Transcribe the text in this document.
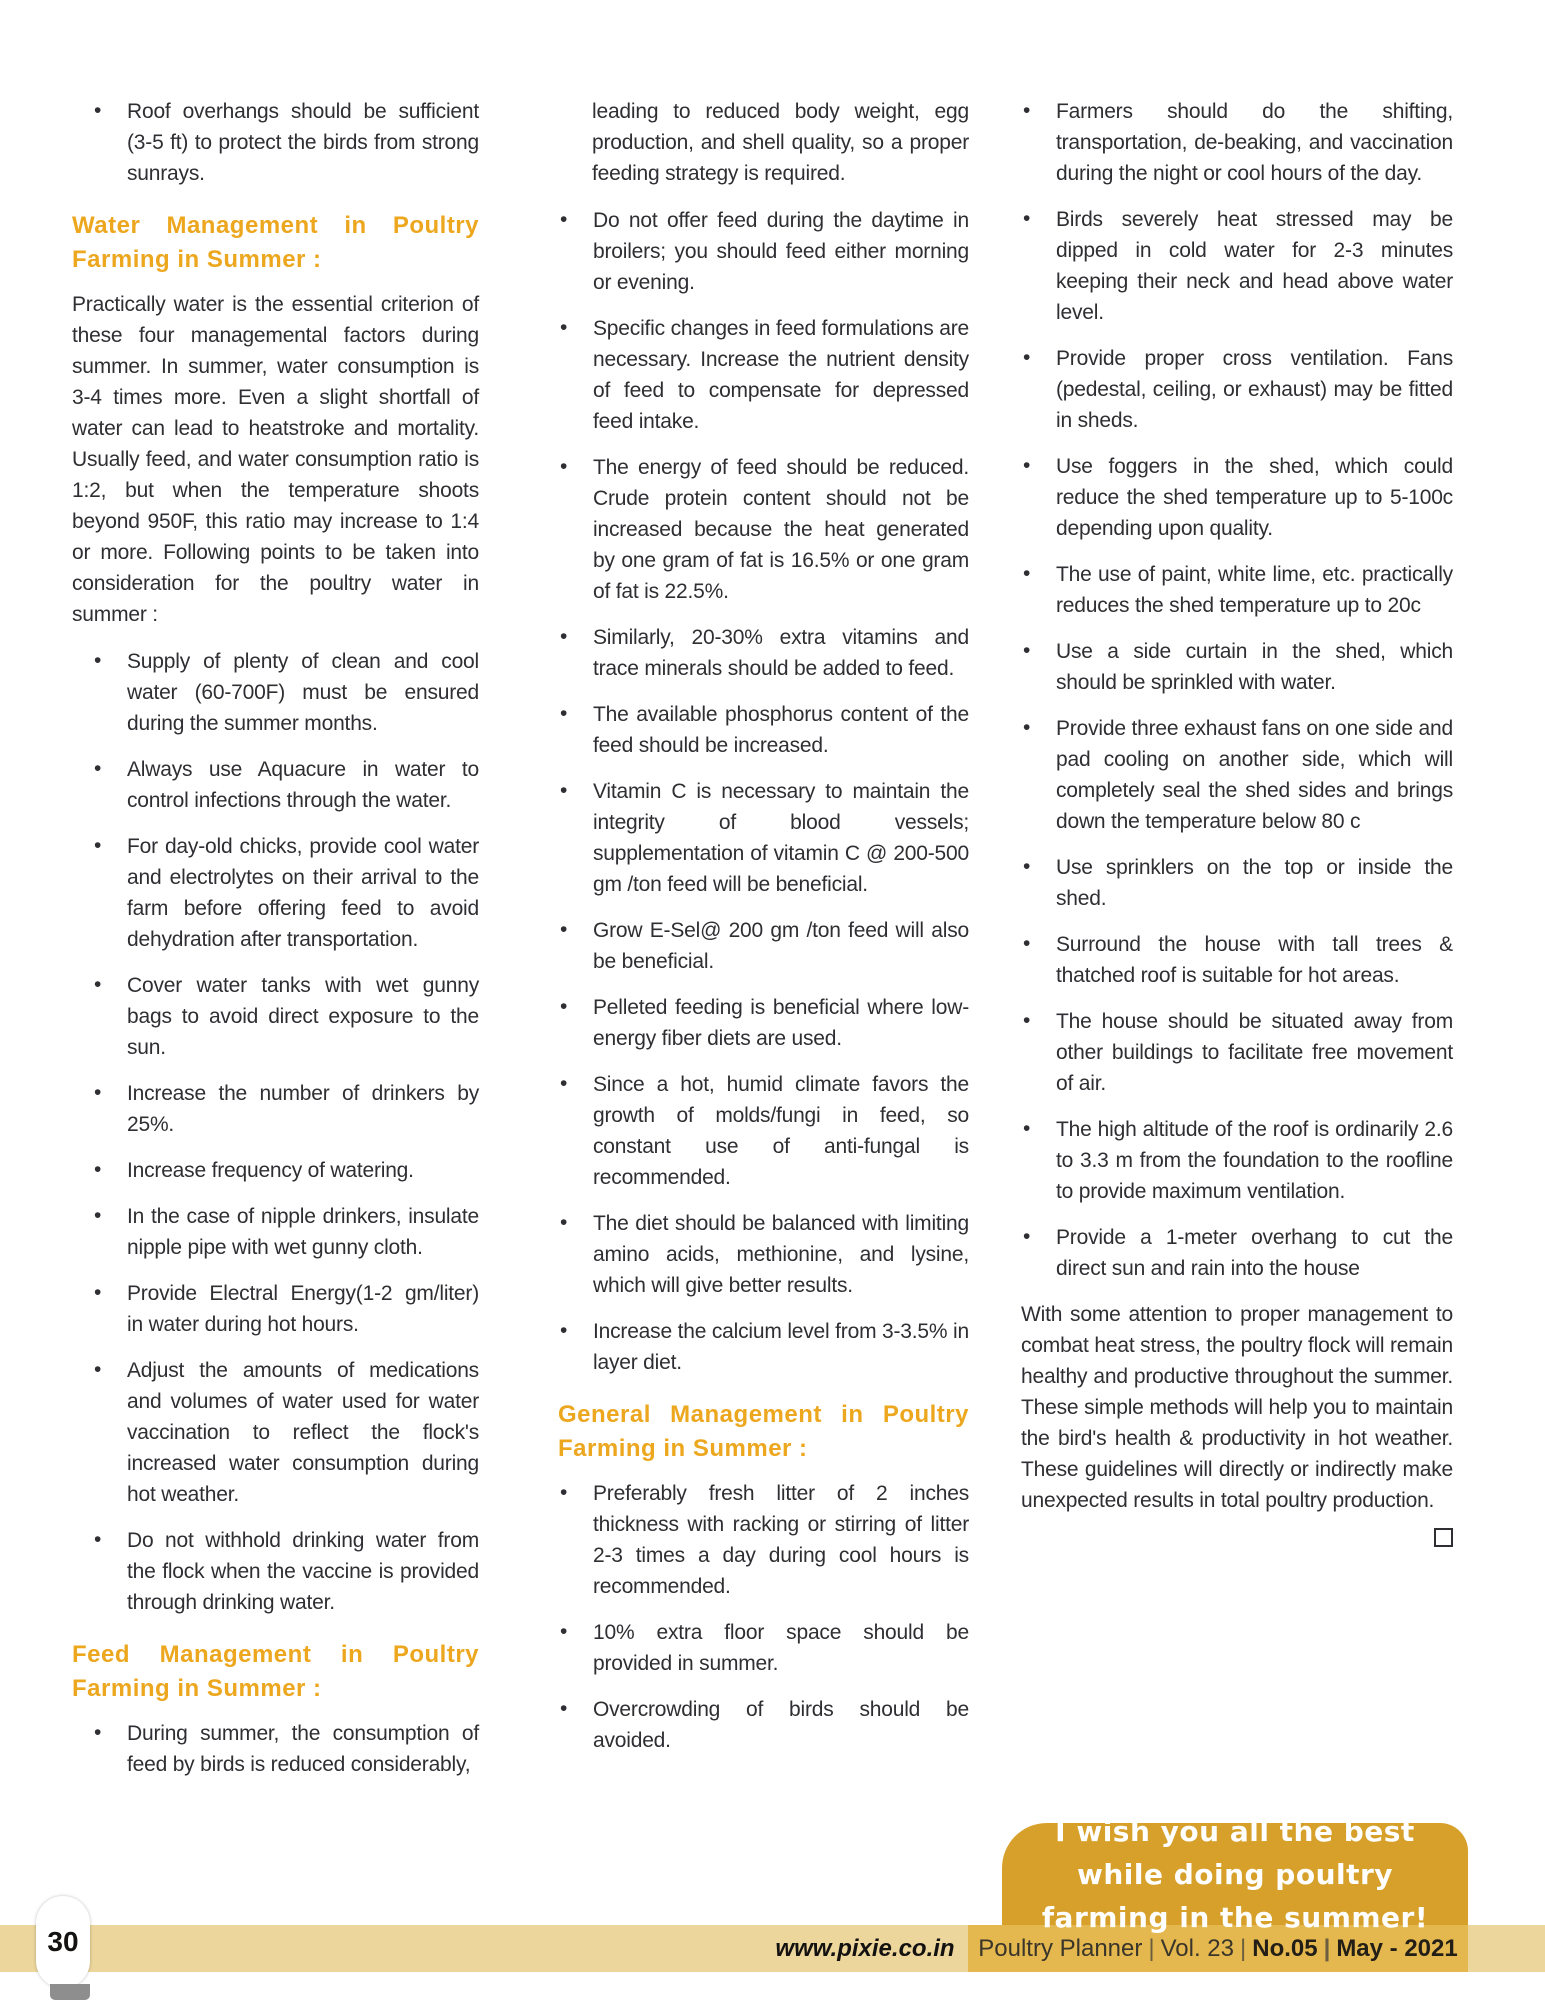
•
Roof overhangs should be sufficient (3-5 ft) to protect the birds from strong sunrays.
Water Management in Poultry Farming in Summer :

Practically water is the essential criterion of these four managemental factors during summer. In summer, water consumption is 3-4 times more. Even a slight shortfall of water can lead to heatstroke and mortality. Usually feed, and water consumption ratio is 1:2, but when the temperature shoots beyond 950F, this ratio may increase to 1:4 or more. Following points to be taken into consideration for the poultry water in summer :

•
Supply of plenty of clean and cool water (60-700F) must be ensured during the summer months.
•
Always use Aquacure in water to control infections through the water.
•
For day-old chicks, provide cool water and electrolytes on their arrival to the farm before offering feed to avoid dehydration after transportation.
•
Cover water tanks with wet gunny bags to avoid direct exposure to the sun.
•
Increase the number of drinkers by 25%.
•
Increase frequency of watering.
•
In the case of nipple drinkers, insulate nipple pipe with wet gunny cloth.
•
Provide Electral Energy(1-2 gm/liter) in water during hot hours.
•
Adjust the amounts of medications and volumes of water used for water vaccination to reflect the flock's increased water consumption during hot weather.
•
Do not withhold drinking water from the flock when the vaccine is provided through drinking water.
Feed Management in Poultry Farming in Summer :
•
During summer, the consumption of feed by birds is reduced considerably,

leading to reduced body weight, egg production, and shell quality, so a proper feeding strategy is required.

•
Do not offer feed during the daytime in broilers; you should feed either morning or evening.
•
Specific changes in feed formulations are necessary. Increase the nutrient density of feed to compensate for depressed feed intake.
•
The energy of feed should be reduced. Crude protein content should not be increased because the heat generated by one gram of fat is 16.5% or one gram of fat is 22.5%.
•
Similarly, 20-30% extra vitamins and trace minerals should be added to feed.
•
The available phosphorus content of the feed should be increased.
•
Vitamin C is necessary to maintain the integrity of blood vessels; supplementation of vitamin C @ 200-500 gm /ton feed will be beneficial.
•
Grow E-Sel@ 200 gm /ton feed will also be beneficial.
•
Pelleted feeding is beneficial where low-energy fiber diets are used.
•
Since a hot, humid climate favors the growth of molds/fungi in feed, so constant use of anti-fungal is recommended.
•
The diet should be balanced with limiting amino acids, methionine, and lysine, which will give better results.
•
Increase the calcium level from 3-3.5% in layer diet.
General Management in Poultry Farming in Summer :
•
Preferably fresh litter of 2 inches thickness with racking or stirring of litter 2-3 times a day during cool hours is recommended.
•
10% extra floor space should be provided in summer.
•
Overcrowding of birds should be avoided.
•
Farmers should do the shifting, transportation, de-beaking, and vaccination during the night or cool hours of the day.
•
Birds severely heat stressed may be dipped in cold water for 2-3 minutes keeping their neck and head above water level.
•
Provide proper cross ventilation. Fans (pedestal, ceiling, or exhaust) may be fitted in sheds.
•
Use foggers in the shed, which could reduce the shed temperature up to 5-100c depending upon quality.
•
The use of paint, white lime, etc. practically reduces the shed temperature up to 20c
•
Use a side curtain in the shed, which should be sprinkled with water.
•
Provide three exhaust fans on one side and pad cooling on another side, which will completely seal the shed sides and brings down the temperature below 80 c
•
Use sprinklers on the top or inside the shed.
•
Surround the house with tall trees & thatched roof is suitable for hot areas.
•
The house should be situated away from other buildings to facilitate free movement of air.
•
The high altitude of the roof is ordinarily 2.6 to 3.3 m from the foundation to the roofline to provide maximum ventilation.
•
Provide a 1-meter overhang to cut the direct sun and rain into the house

With some attention to proper management to combat heat stress, the poultry flock will remain healthy and productive throughout the summer. These simple methods will help you to maintain the bird's health & productivity in hot weather. These guidelines will directly or indirectly make unexpected results in total poultry production.

I wish you all the best while doing poultry farming in the summer!
www.pixie.co.in Poultry Planner | Vol. 23 | No.05 | May - 2021
30
